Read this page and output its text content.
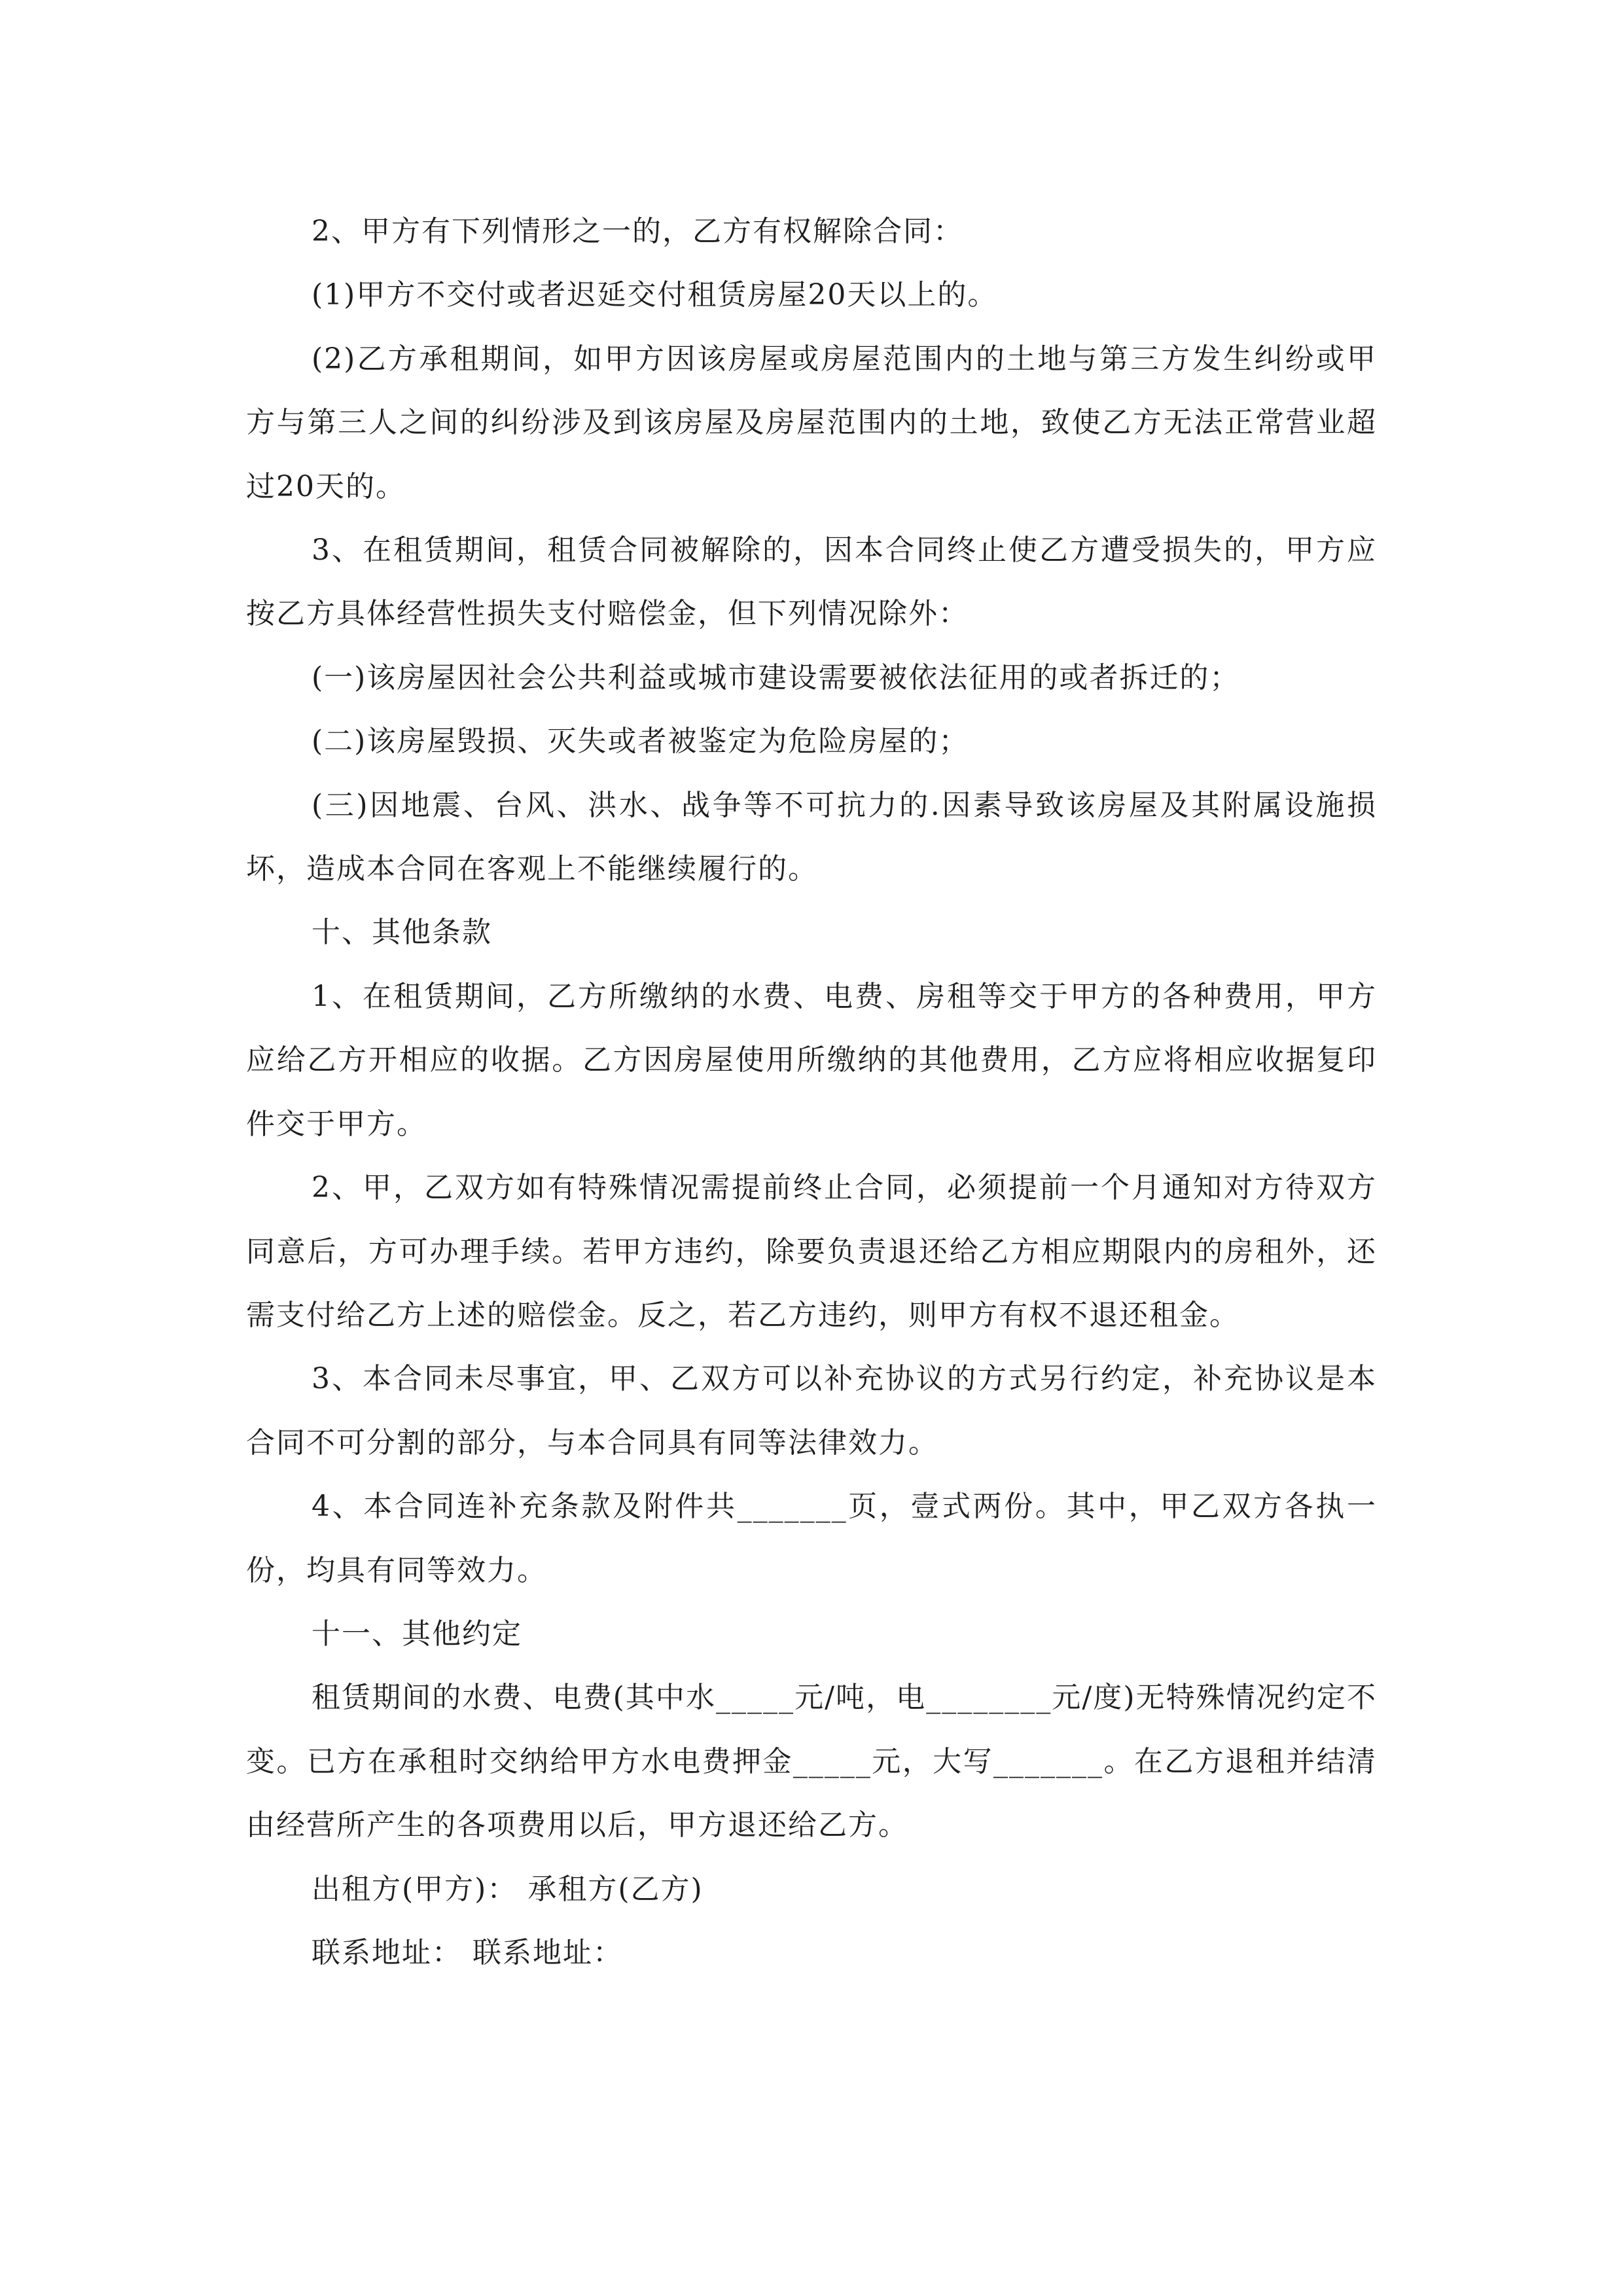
2、甲方有下列情形之一的，乙方有权解除合同：

(1)甲方不交付或者迟延交付租赁房屋20天以上的。

(2)乙方承租期间，如甲方因该房屋或房屋范围内的土地与第三方发生纠纷或甲方与第三人之间的纠纷涉及到该房屋及房屋范围内的土地，致使乙方无法正常营业超过20天的。

3、在租赁期间，租赁合同被解除的，因本合同终止使乙方遭受损失的，甲方应按乙方具体经营性损失支付赔偿金，但下列情况除外：

(一)该房屋因社会公共利益或城市建设需要被依法征用的或者拆迁的；

(二)该房屋毁损、灭失或者被鉴定为危险房屋的；

(三)因地震、台风、洪水、战争等不可抗力的.因素导致该房屋及其附属设施损坏，造成本合同在客观上不能继续履行的。

十、其他条款

1、在租赁期间，乙方所缴纳的水费、电费、房租等交于甲方的各种费用，甲方应给乙方开相应的收据。乙方因房屋使用所缴纳的其他费用，乙方应将相应收据复印件交于甲方。

2、甲，乙双方如有特殊情况需提前终止合同，必须提前一个月通知对方待双方同意后，方可办理手续。若甲方违约，除要负责退还给乙方相应期限内的房租外，还需支付给乙方上述的赔偿金。反之，若乙方违约，则甲方有权不退还租金。

3、本合同未尽事宜，甲、乙双方可以补充协议的方式另行约定，补充协议是本合同不可分割的部分，与本合同具有同等法律效力。

4、本合同连补充条款及附件共_______页，壹式两份。其中，甲乙双方各执一份，均具有同等效力。

十一、其他约定

租赁期间的水费、电费(其中水_____元/吨，电________元/度)无特殊情况约定不变。已方在承租时交纳给甲方水电费押金_____元，大写_______。在乙方退租并结清由经营所产生的各项费用以后，甲方退还给乙方。

出租方(甲方)： 承租方(乙方)

联系地址： 联系地址：
